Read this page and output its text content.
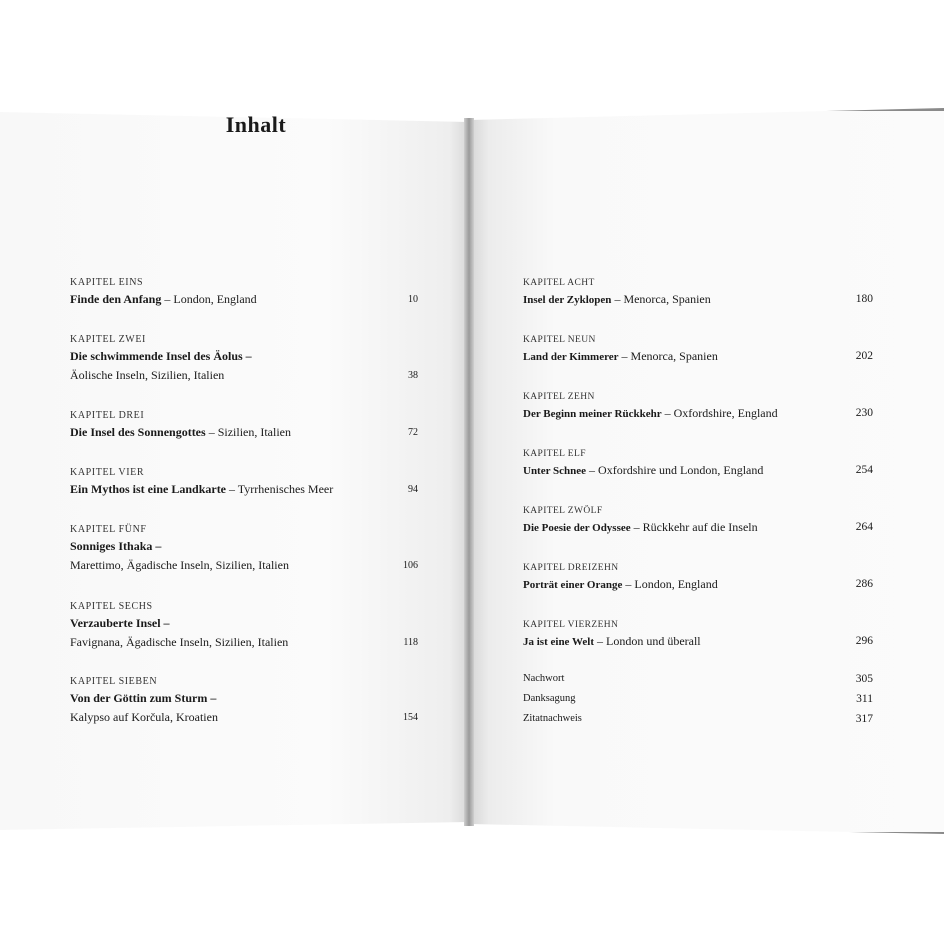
Inhalt
KAPITEL EINS
Finde den Anfang – London, England	10
KAPITEL ZWEI
Die schwimmende Insel des Äolus –
Äolische Inseln, Sizilien, Italien	38
KAPITEL DREI
Die Insel des Sonnengottes – Sizilien, Italien	72
KAPITEL VIER
Ein Mythos ist eine Landkarte – Tyrrhenisches Meer	94
KAPITEL FÜNF
Sonniges Ithaka –
Marettimo, Ägadische Inseln, Sizilien, Italien	106
KAPITEL SECHS
Verzauberte Insel –
Favignana, Ägadische Inseln, Sizilien, Italien	118
KAPITEL SIEBEN
Von der Göttin zum Sturm –
Kalypso auf Korčula, Kroatien	154
KAPITEL ACHT
Insel der Zyklopen – Menorca, Spanien	180
KAPITEL NEUN
Land der Kimmerer – Menorca, Spanien	202
KAPITEL ZEHN
Der Beginn meiner Rückkehr – Oxfordshire, England	230
KAPITEL ELF
Unter Schnee – Oxfordshire und London, England	254
KAPITEL ZWÖLF
Die Poesie der Odyssee – Rückkehr auf die Inseln	264
KAPITEL DREIZEHN
Porträt einer Orange – London, England	286
KAPITEL VIERZEHN
Ja ist eine Welt – London und überall	296
Nachwort	305
Danksagung	311
Zitatnachweis	317
